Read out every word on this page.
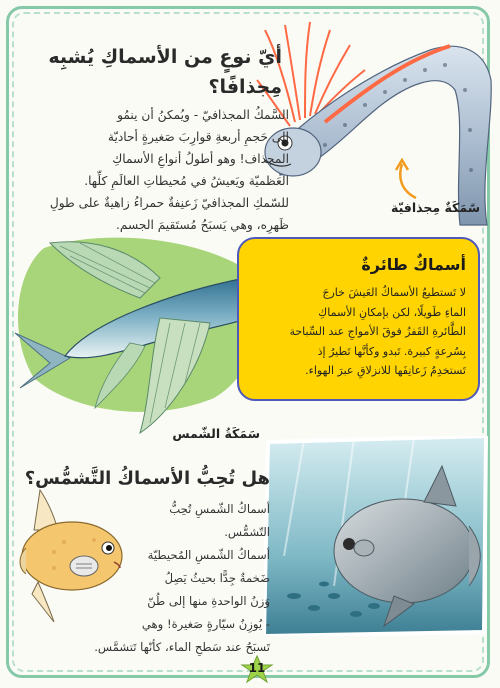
سَمَكَةٌ مِجذافيّة
أيّ نوعٍ من الأسماكِ يُشبِه
مِجذافًا؟
السَّمكُ المجذافيّ - ويُمكنُ أن ينمُو
إلى حَجمِ أربعةِ قوارِبَ صَغيرةٍ أحاديّة
المجذاف! وهو أطولُ أنواعِ الأسماكِ
العَظميّة ويَعيشُ في مُحيطاتِ العالَمِ كلِّها.
للسّمكِ المجذافيّ زَعنِفةٌ حمراءُ زاهيةٌ على طولِ
ظَهرِه، وهي يَسبَحُ مُستَقيمَ الجسم.
أسماكٌ طائرةٌ
لا تَستطيعُ الأسماكُ العَيشَ خارجَ
الماءِ طَويلًا، لكن بإمكانِ الأسماكِ
الطَّائرةِ القَفزُ فوقَ الأمواجِ عند السِّباحة
بِسُرعةٍ كبيرة. تَبدو وكأنَّها تَطيرُ إذ
تَستخدِمُ زَعانِفَها للانزلاقِ عبرَ الهواء.
سَمَكَةُ الشّمس
هل تُحِبُّ الأسماكُ التَّشمُّس؟
أسماكُ الشّمسِ تُحِبُّ التّشمُّس.
أسماكُ الشّمسِ المُحيطيّة
ضَخمةٌ جِدًّا بحيثُ يَصِلُ
وَزنُ الواحدةِ منها إلى طُنّ
- يُوزِنُ سيّارةٍ صَغيرة! وهي
تَسبَحُ عند سَطحِ الماء، كأنّها تَتشمَّس.
11
